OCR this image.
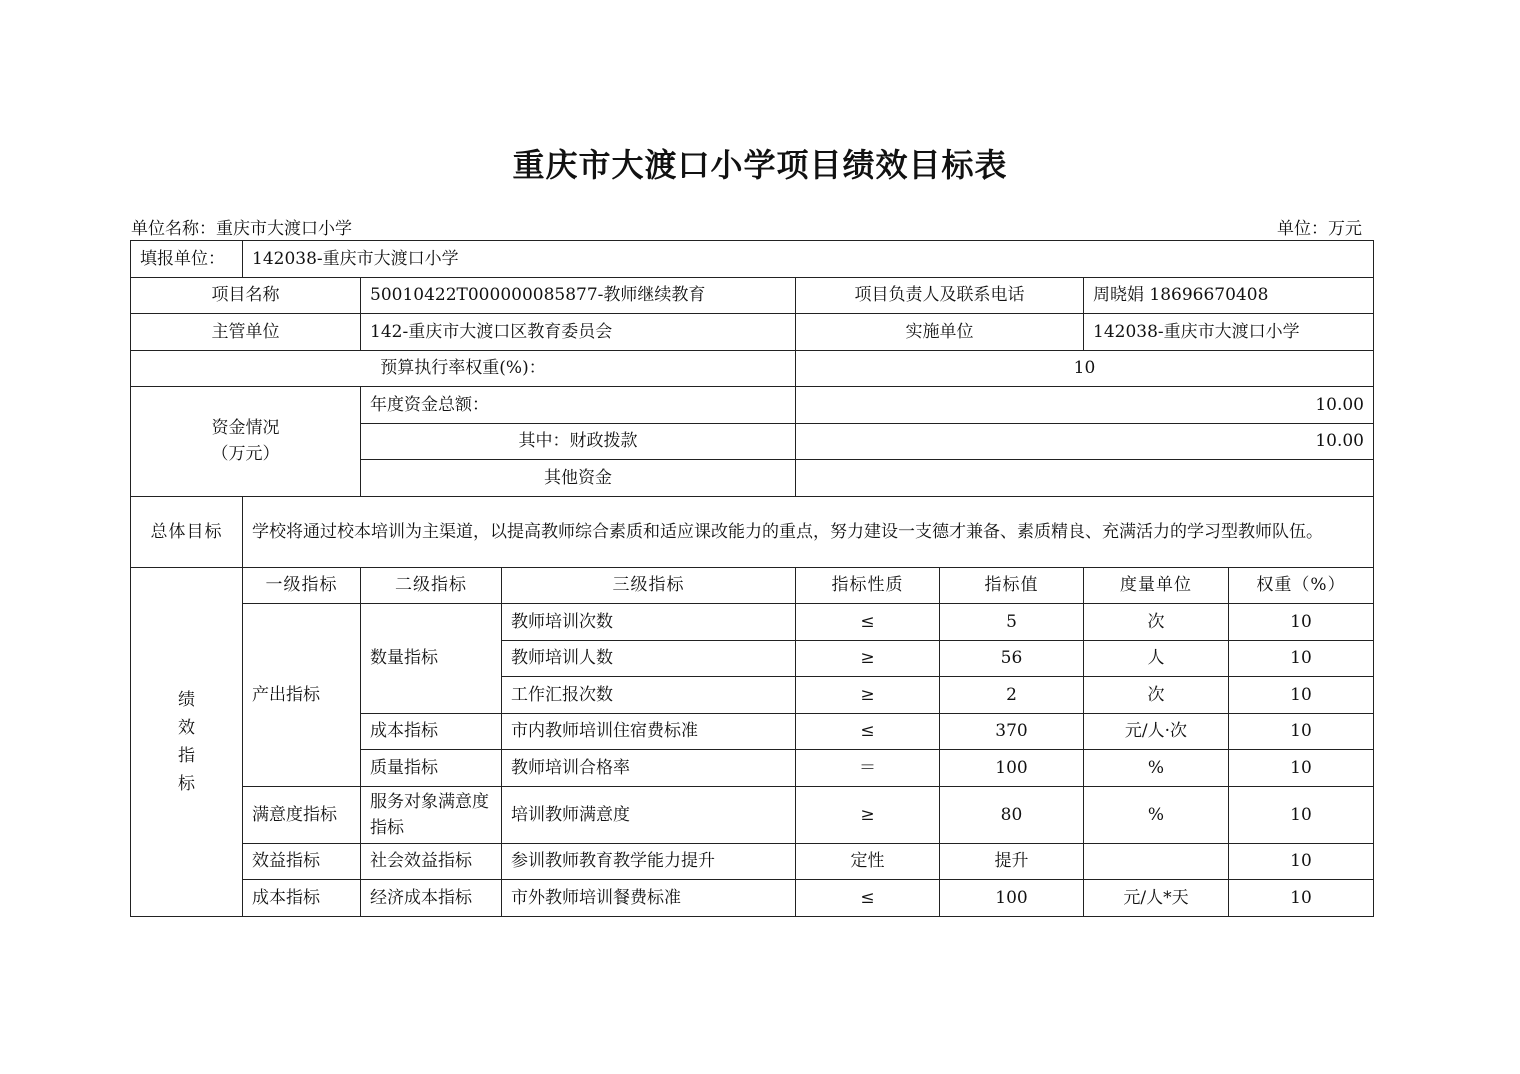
重庆市大渡口小学项目绩效目标表
单位名称：重庆市大渡口小学	单位：万元
填报单位：	142038-重庆市大渡口小学						
项目名称		50010422T000000085877-教师继续教育		项目负责人及联系电话		周晓娟 18696670408	
主管单位		142-重庆市大渡口区教育委员会		实施单位		142038-重庆市大渡口小学	
预算执行率权重(%)：				10			

资金情况
（万元）		年度资金总额：		10.00			
		其中：财政拨款		10.00			
		其他资金					
总体目标	学校将通过校本培训为主渠道，以提高教师综合素质和适应课改能力的重点，努力建设一支德才兼备、素质精良、充满活力的学习型教师队伍。						

绩
效
指
标	一级指标	二级指标	三级指标	指标性质	指标值	度量单位	权重（%）
	产出指标	数量指标	教师培训次数	≤	5	次	10
			教师培训人数	≥	56	人	10
			工作汇报次数	≥	2	次	10
		成本指标	市内教师培训住宿费标准	≤	370	元/人·次	10
		质量指标	教师培训合格率	＝	100	%	10
	满意度指标	服务对象满意度指标	培训教师满意度	≥	80	%	10
	效益指标	社会效益指标	参训教师教育教学能力提升	定性	提升		10
	成本指标	经济成本指标	市外教师培训餐费标准	≤	100	元/人*天	10
